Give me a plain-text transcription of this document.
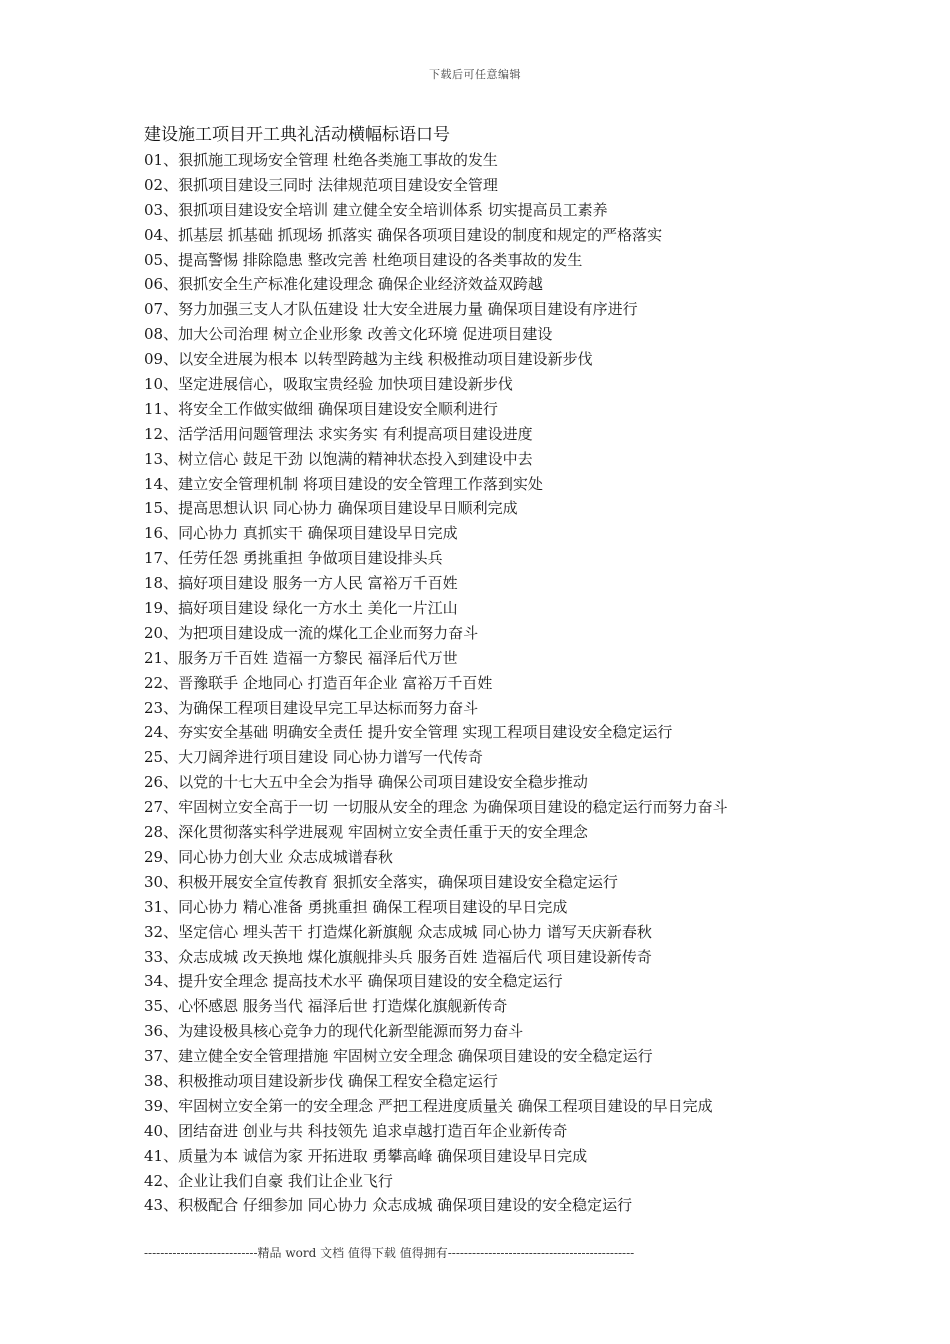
下载后可任意编辑
建设施工项目开工典礼活动横幅标语口号
01、狠抓施工现场安全管理 杜绝各类施工事故的发生
02、狠抓项目建设三同时 法律规范项目建设安全管理
03、狠抓项目建设安全培训 建立健全安全培训体系 切实提高员工素养
04、抓基层 抓基础 抓现场 抓落实 确保各项项目建设的制度和规定的严格落实
05、提高警惕 排除隐患 整改完善 杜绝项目建设的各类事故的发生
06、狠抓安全生产标准化建设理念 确保企业经济效益双跨越
07、努力加强三支人才队伍建设 壮大安全进展力量 确保项目建设有序进行
08、加大公司治理 树立企业形象 改善文化环境 促进项目建设
09、以安全进展为根本 以转型跨越为主线 积极推动项目建设新步伐
10、坚定进展信心，吸取宝贵经验 加快项目建设新步伐
11、将安全工作做实做细 确保项目建设安全顺利进行
12、活学活用问题管理法 求实务实 有利提高项目建设进度
13、树立信心 鼓足干劲 以饱满的精神状态投入到建设中去
14、建立安全管理机制 将项目建设的安全管理工作落到实处
15、提高思想认识 同心协力 确保项目建设早日顺利完成
16、同心协力 真抓实干 确保项目建设早日完成
17、任劳任怨 勇挑重担 争做项目建设排头兵
18、搞好项目建设 服务一方人民 富裕万千百姓
19、搞好项目建设 绿化一方水土 美化一片江山
20、为把项目建设成一流的煤化工企业而努力奋斗
21、服务万千百姓 造福一方黎民 福泽后代万世
22、晋豫联手 企地同心 打造百年企业 富裕万千百姓
23、为确保工程项目建设早完工早达标而努力奋斗
24、夯实安全基础 明确安全责任 提升安全管理 实现工程项目建设安全稳定运行
25、大刀阔斧进行项目建设 同心协力谱写一代传奇
26、以党的十七大五中全会为指导 确保公司项目建设安全稳步推动
27、牢固树立安全高于一切 一切服从安全的理念 为确保项目建设的稳定运行而努力奋斗
28、深化贯彻落实科学进展观 牢固树立安全责任重于天的安全理念
29、同心协力创大业 众志成城谱春秋
30、积极开展安全宣传教育 狠抓安全落实，确保项目建设安全稳定运行
31、同心协力 精心准备 勇挑重担 确保工程项目建设的早日完成
32、坚定信心 埋头苦干 打造煤化新旗舰 众志成城 同心协力 谱写天庆新春秋
33、众志成城 改天换地 煤化旗舰排头兵 服务百姓 造福后代 项目建设新传奇
34、提升安全理念 提高技术水平 确保项目建设的安全稳定运行
35、心怀感恩 服务当代 福泽后世 打造煤化旗舰新传奇
36、为建设极具核心竞争力的现代化新型能源而努力奋斗
37、建立健全安全管理措施 牢固树立安全理念 确保项目建设的安全稳定运行
38、积极推动项目建设新步伐 确保工程安全稳定运行
39、牢固树立安全第一的安全理念 严把工程进度质量关 确保工程项目建设的早日完成
40、团结奋进 创业与共 科技领先 追求卓越打造百年企业新传奇
41、质量为本 诚信为家 开拓进取 勇攀高峰 确保项目建设早日完成
42、企业让我们自豪 我们让企业飞行
43、积极配合 仔细参加 同心协力 众志成城 确保项目建设的安全稳定运行
----------------------------精品 word 文档 值得下载 值得拥有----------------------------------------------
